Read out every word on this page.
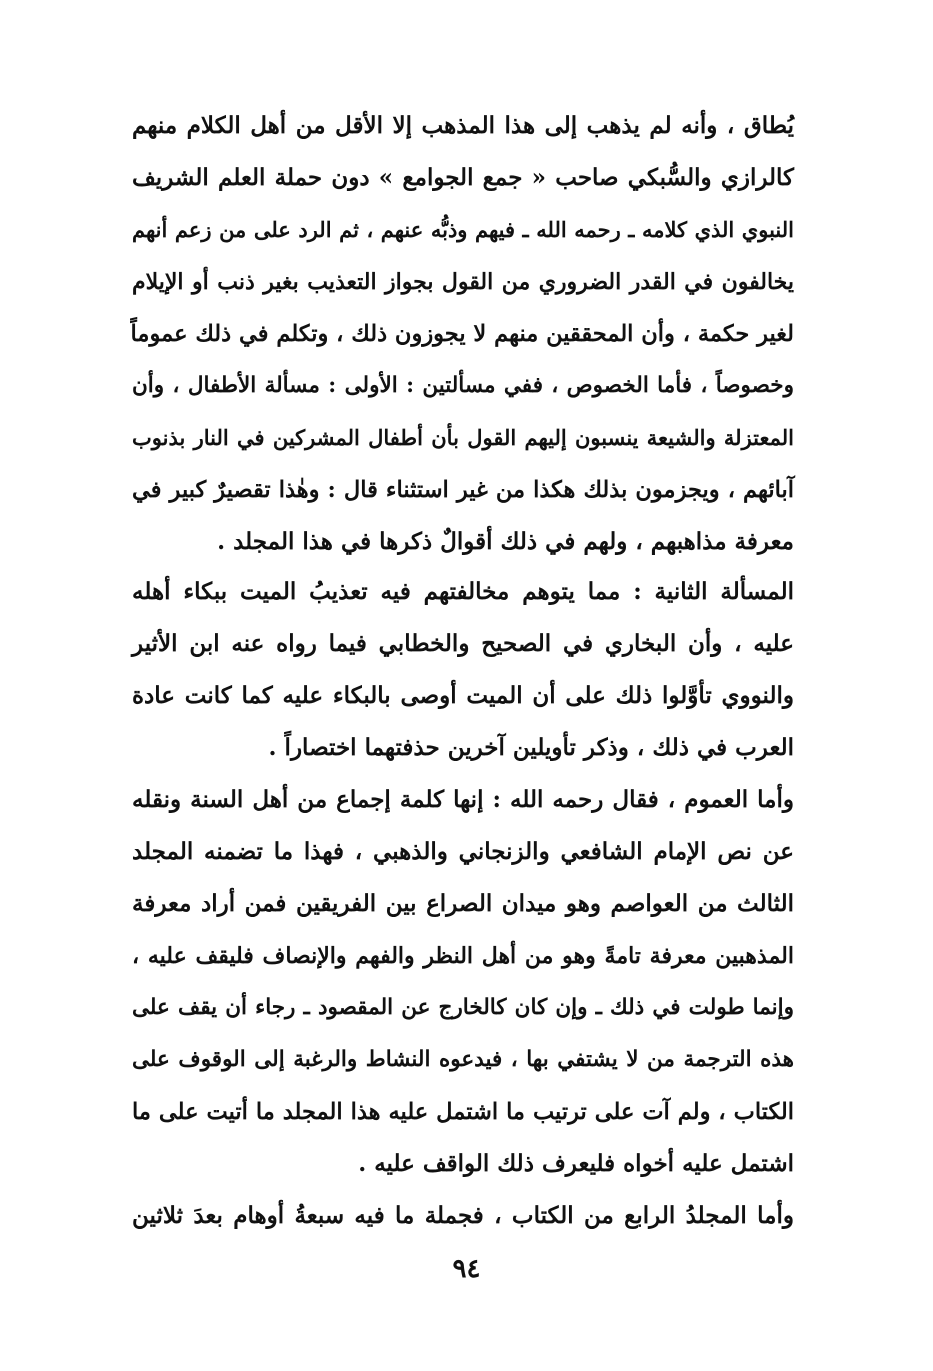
يُطاق ، وأنه لم يذهب إلى هذا المذهب إلا الأقل من أهل الكلام منهم
كالرازي والسُّبكي صاحب « جمع الجوامع » دون حملة العلم الشريف
النبوي الذي كلامه ـ رحمه الله ـ فيهم وذبُّه عنهم ، ثم الرد على من زعم أنهم
يخالفون في القدر الضروري من القول بجواز التعذيب بغير ذنب أو الإيلام
لغير حكمة ، وأن المحققين منهم لا يجوزون ذلك ، وتكلم في ذلك عموماً
وخصوصاً ، فأما الخصوص ، ففي مسألتين : الأولى : مسألة الأطفال ، وأن
المعتزلة والشيعة ينسبون إليهم القول بأن أطفال المشركين في النار بذنوب
آبائهم ، ويجزمون بذلك هكذا من غير استثناء قال : وهٰذا تقصيرٌ كبير في
معرفة مذاهبهم ، ولهم في ذلك أقوالٌ ذكرها في هذا المجلد .
المسألة الثانية : مما يتوهم مخالفتهم فيه تعذيبُ الميت ببكاء أهله
عليه ، وأن البخاري في الصحيح والخطابي فيما رواه عنه ابن الأثير
والنووي تأوَّلوا ذلك على أن الميت أوصى بالبكاء عليه كما كانت عادة
العرب في ذلك ، وذكر تأويلين آخرين حذفتهما اختصاراً .
وأما العموم ، فقال رحمه الله : إنها كلمة إجماع من أهل السنة ونقله
عن نص الإمام الشافعي والزنجاني والذهبي ، فهذا ما تضمنه المجلد
الثالث من العواصم وهو ميدان الصراع بين الفريقين فمن أراد معرفة
المذهبين معرفة تامةً وهو من أهل النظر والفهم والإنصاف فليقف عليه ،
وإنما طولت في ذلك ـ وإن كان كالخارج عن المقصود ـ رجاء أن يقف على
هذه الترجمة من لا يشتفي بها ، فيدعوه النشاط والرغبة إلى الوقوف على
الكتاب ، ولم آت على ترتيب ما اشتمل عليه هذا المجلد ما أتيت على ما
اشتمل عليه أخواه فليعرف ذلك الواقف عليه .
وأما المجلدُ الرابع من الكتاب ، فجملة ما فيه سبعةُ أوهام بعدَ ثلاثين
٩٤
